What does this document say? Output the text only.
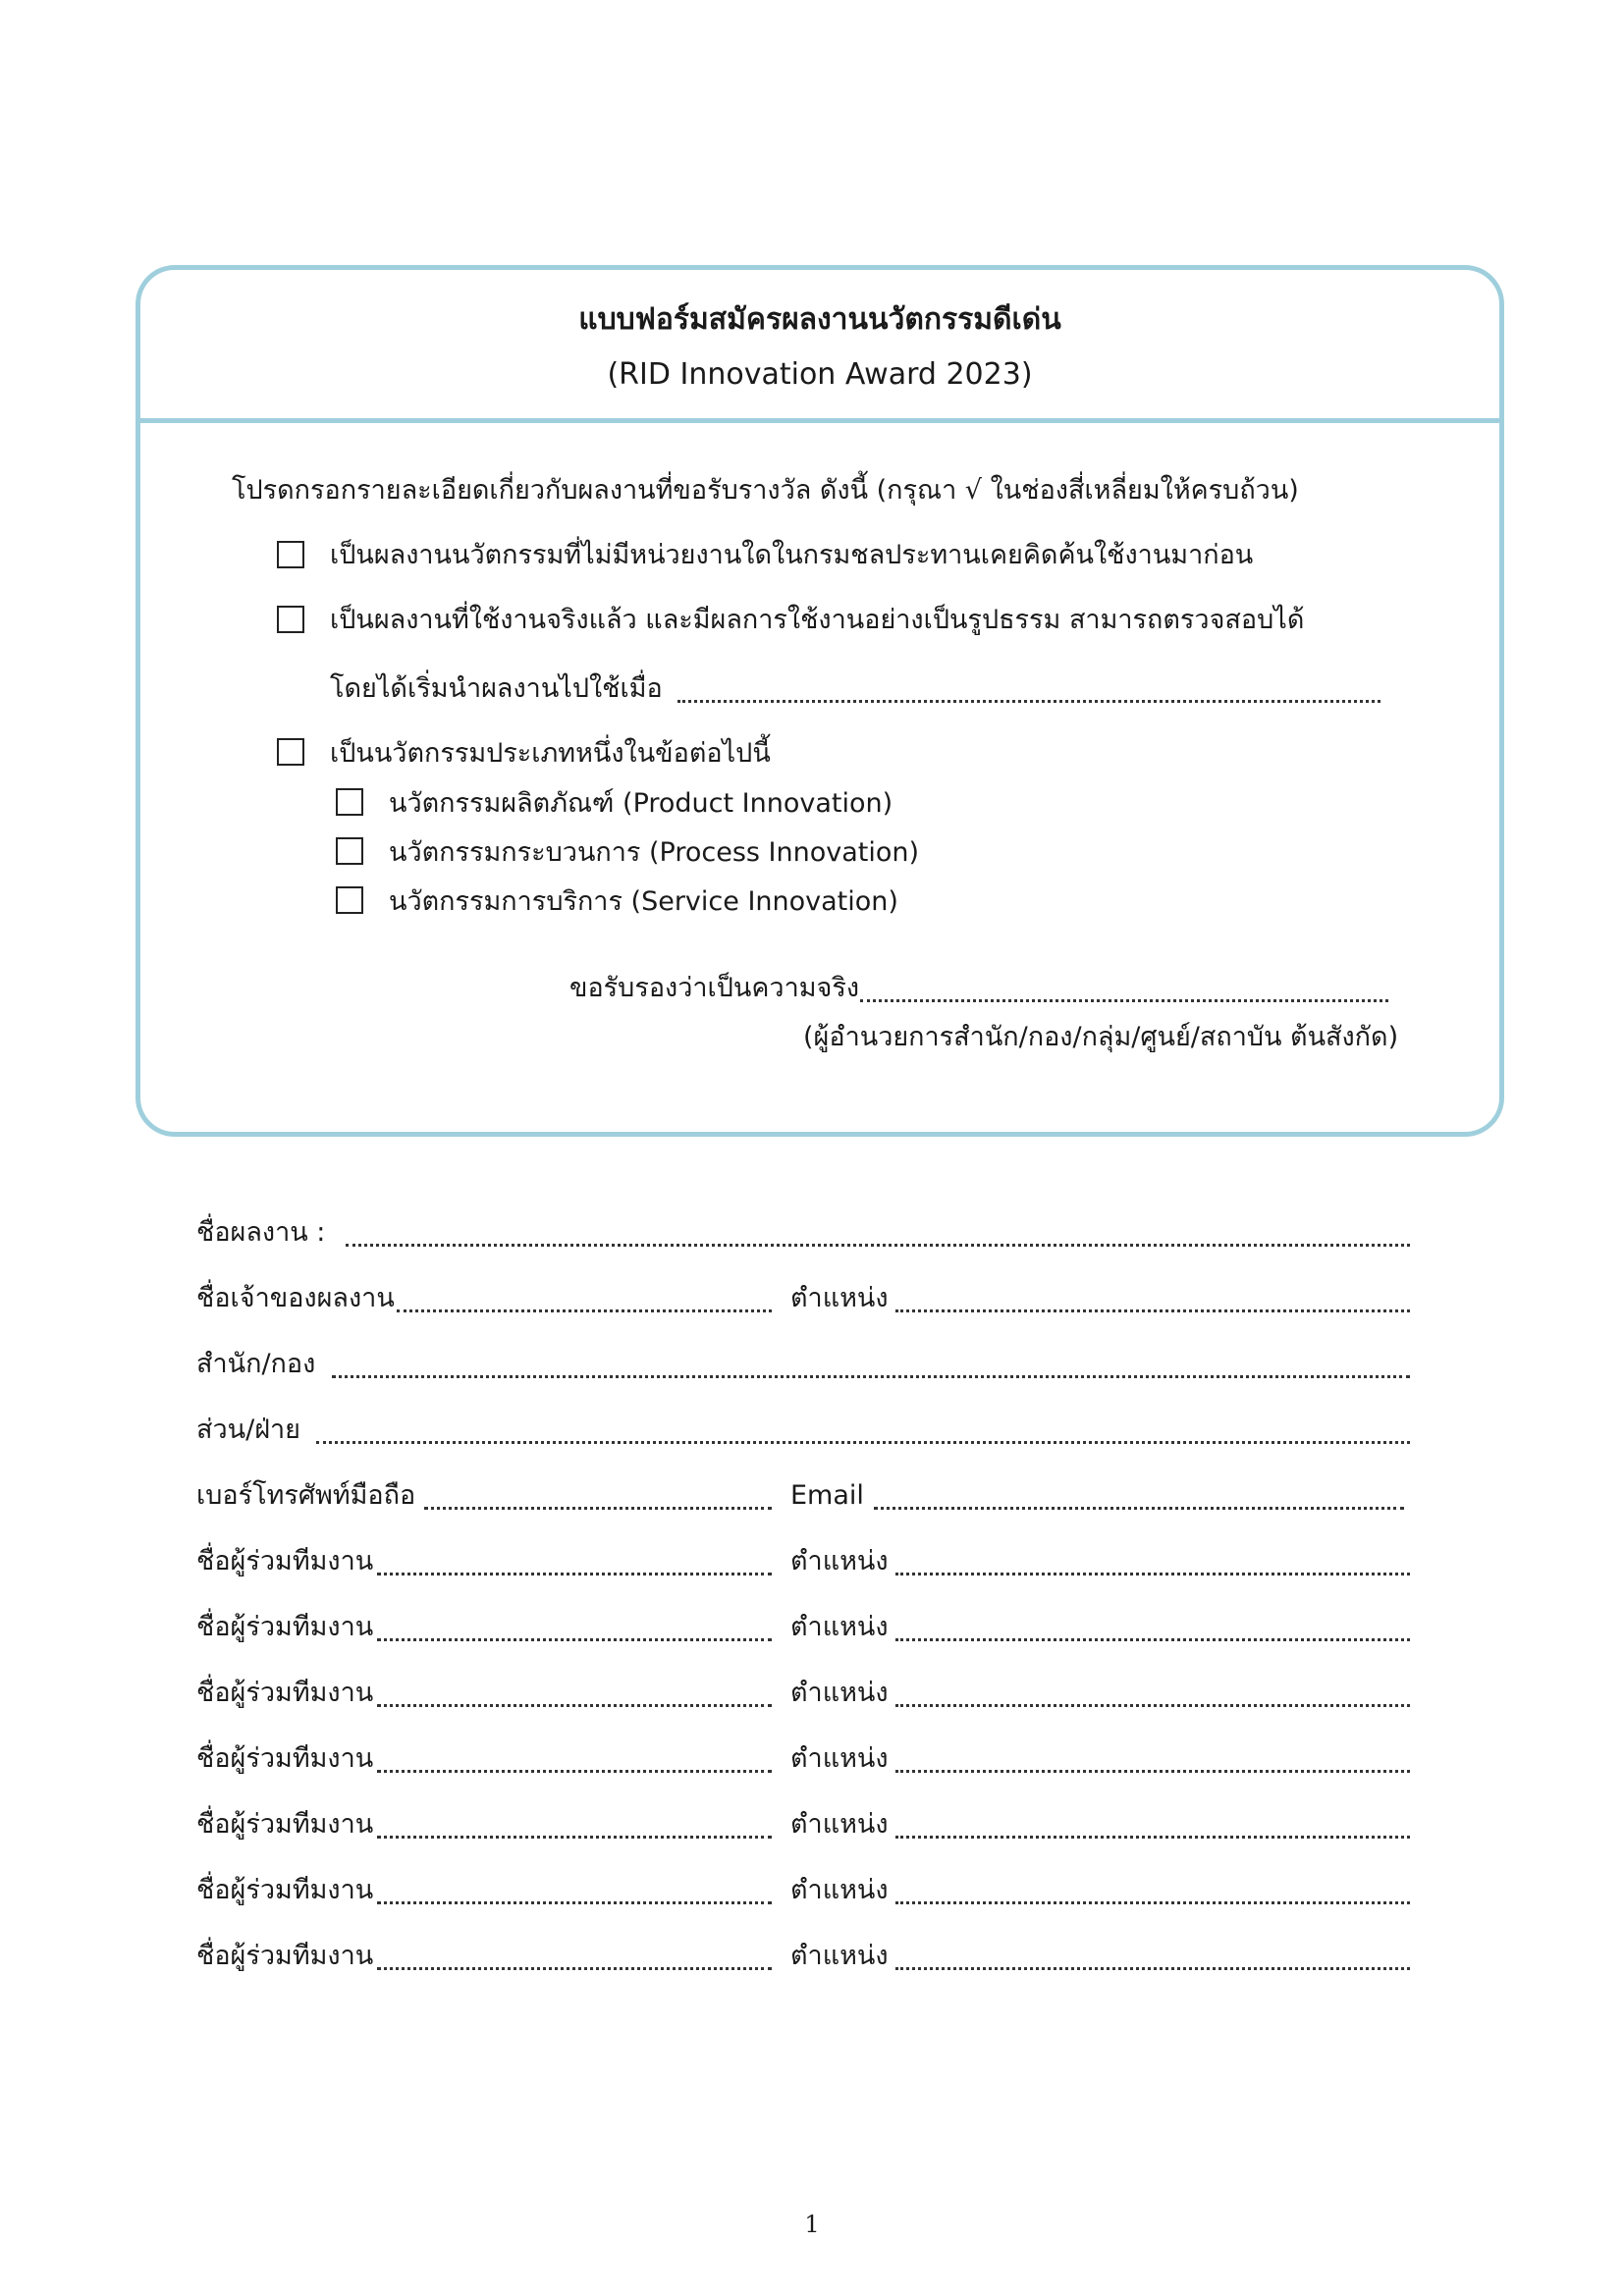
แบบฟอร์มสมัครผลงานนวัตกรรมดีเด่น
(RID Innovation Award 2023)
โปรดกรอกรายละเอียดเกี่ยวกับผลงานที่ขอรับรางวัล ดังนี้ (กรุณา √ ในช่องสี่เหลี่ยมให้ครบถ้วน)
เป็นผลงานนวัตกรรมที่ไม่มีหน่วยงานใดในกรมชลประทานเคยคิดค้นใช้งานมาก่อน
เป็นผลงานที่ใช้งานจริงแล้ว และมีผลการใช้งานอย่างเป็นรูปธรรม สามารถตรวจสอบได้
โดยได้เริ่มนำผลงานไปใช้เมื่อ
เป็นนวัตกรรมประเภทหนึ่งในข้อต่อไปนี้
นวัตกรรมผลิตภัณฑ์ (Product Innovation)
นวัตกรรมกระบวนการ (Process Innovation)
นวัตกรรมการบริการ (Service Innovation)
ขอรับรองว่าเป็นความจริง
(ผู้อำนวยการสำนัก/กอง/กลุ่ม/ศูนย์/สถาบัน ต้นสังกัด)
ชื่อผลงาน :
ชื่อเจ้าของผลงาน	ตำแหน่ง
สำนัก/กอง
ส่วน/ฝ่าย
เบอร์โทรศัพท์มือถือ	Email
ชื่อผู้ร่วมทีมงาน	ตำแหน่ง
ชื่อผู้ร่วมทีมงาน	ตำแหน่ง
ชื่อผู้ร่วมทีมงาน	ตำแหน่ง
ชื่อผู้ร่วมทีมงาน	ตำแหน่ง
ชื่อผู้ร่วมทีมงาน	ตำแหน่ง
ชื่อผู้ร่วมทีมงาน	ตำแหน่ง
ชื่อผู้ร่วมทีมงาน	ตำแหน่ง
1
